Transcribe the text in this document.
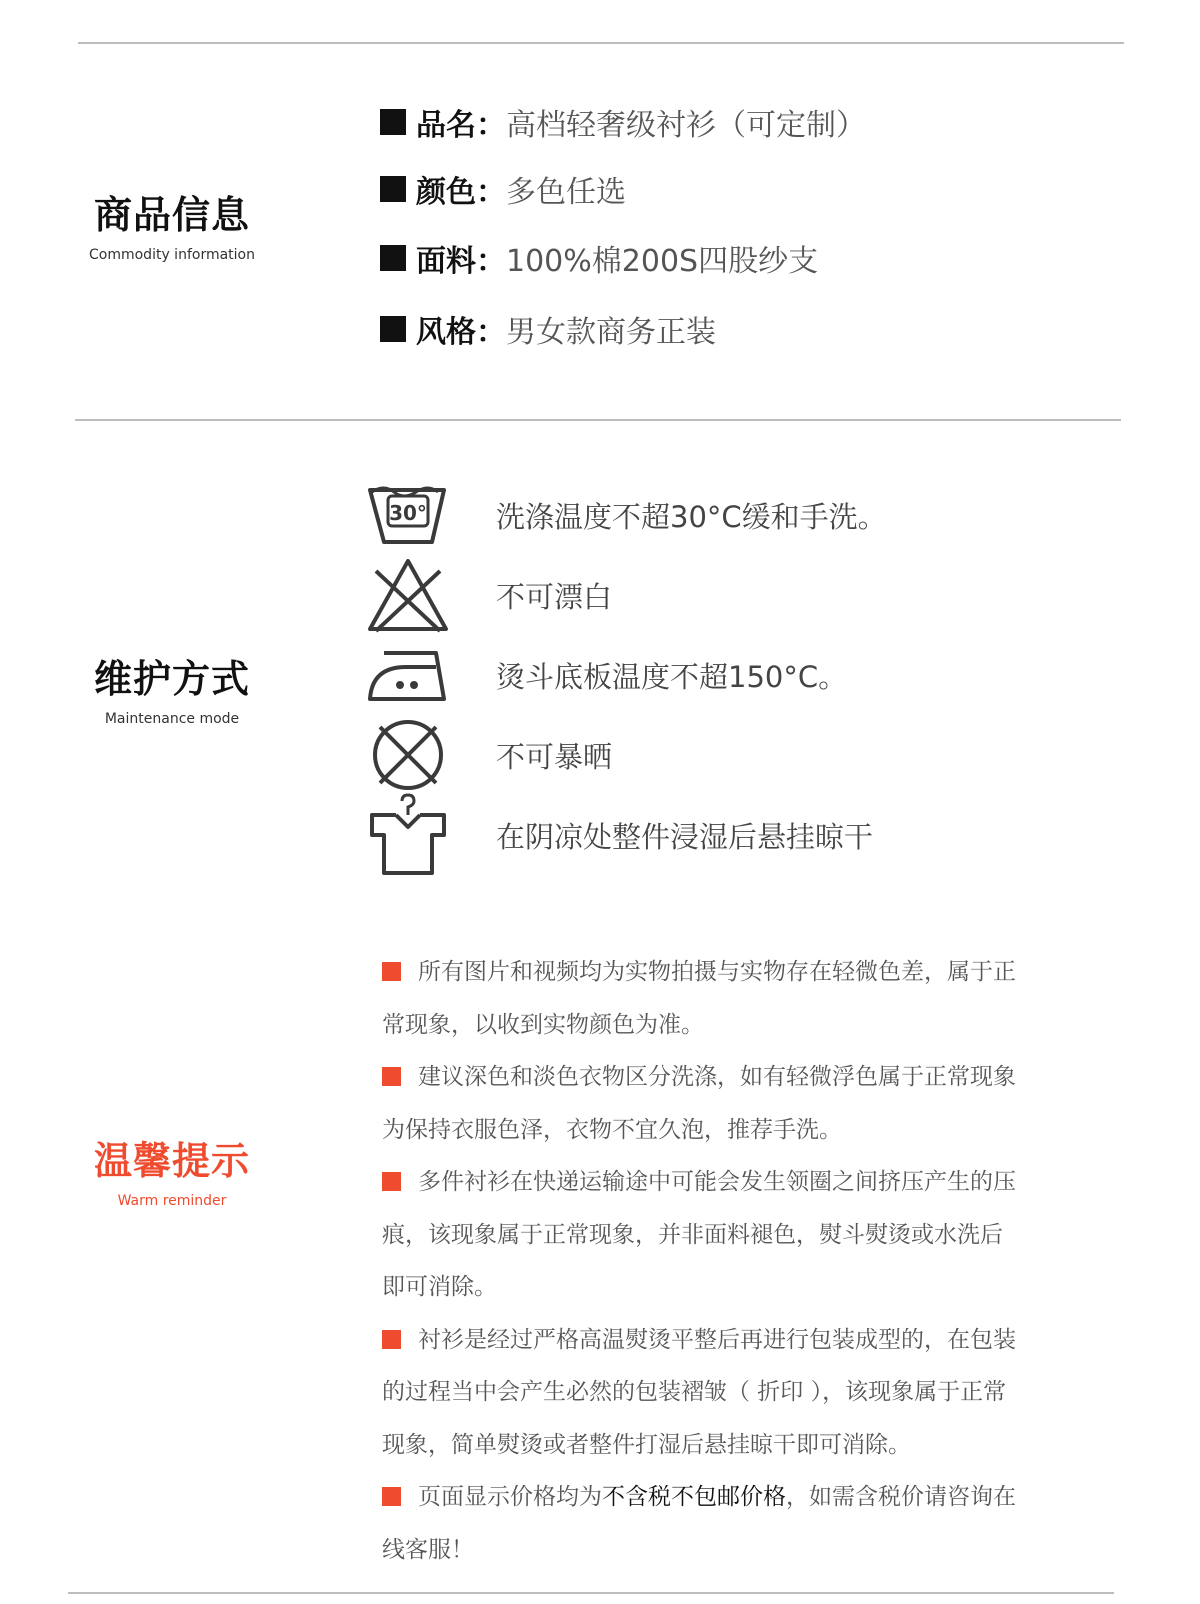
商品信息
Commodity information
品名： 高档轻奢级衬衫（可定制）
颜色： 多色任选
面料： 100%棉200S四股纱支
风格： 男女款商务正装
维护方式
Maintenance mode
30° 洗涤温度不超30°C缓和手洗。
不可漂白
烫斗底板温度不超150°C。
不可暴晒
在阴凉处整件浸湿后悬挂晾干
温馨提示
Warm reminder

所有图片和视频均为实物拍摄与实物存在轻微色差，属于正常现象，以收到实物颜色为准。

建议深色和淡色衣物区分洗涤，如有轻微浮色属于正常现象为保持衣服色泽，衣物不宜久泡，推荐手洗。

多件衬衫在快递运输途中可能会发生领圈之间挤压产生的压痕，该现象属于正常现象，并非面料褪色，熨斗熨烫或水洗后即可消除。

衬衫是经过严格高温熨烫平整后再进行包装成型的，在包装的过程当中会产生必然的包装褶皱（ 折印 ），该现象属于正常现象，简单熨烫或者整件打湿后悬挂晾干即可消除。

页面显示价格均为不含税不包邮价格，如需含税价请咨询在线客服！
